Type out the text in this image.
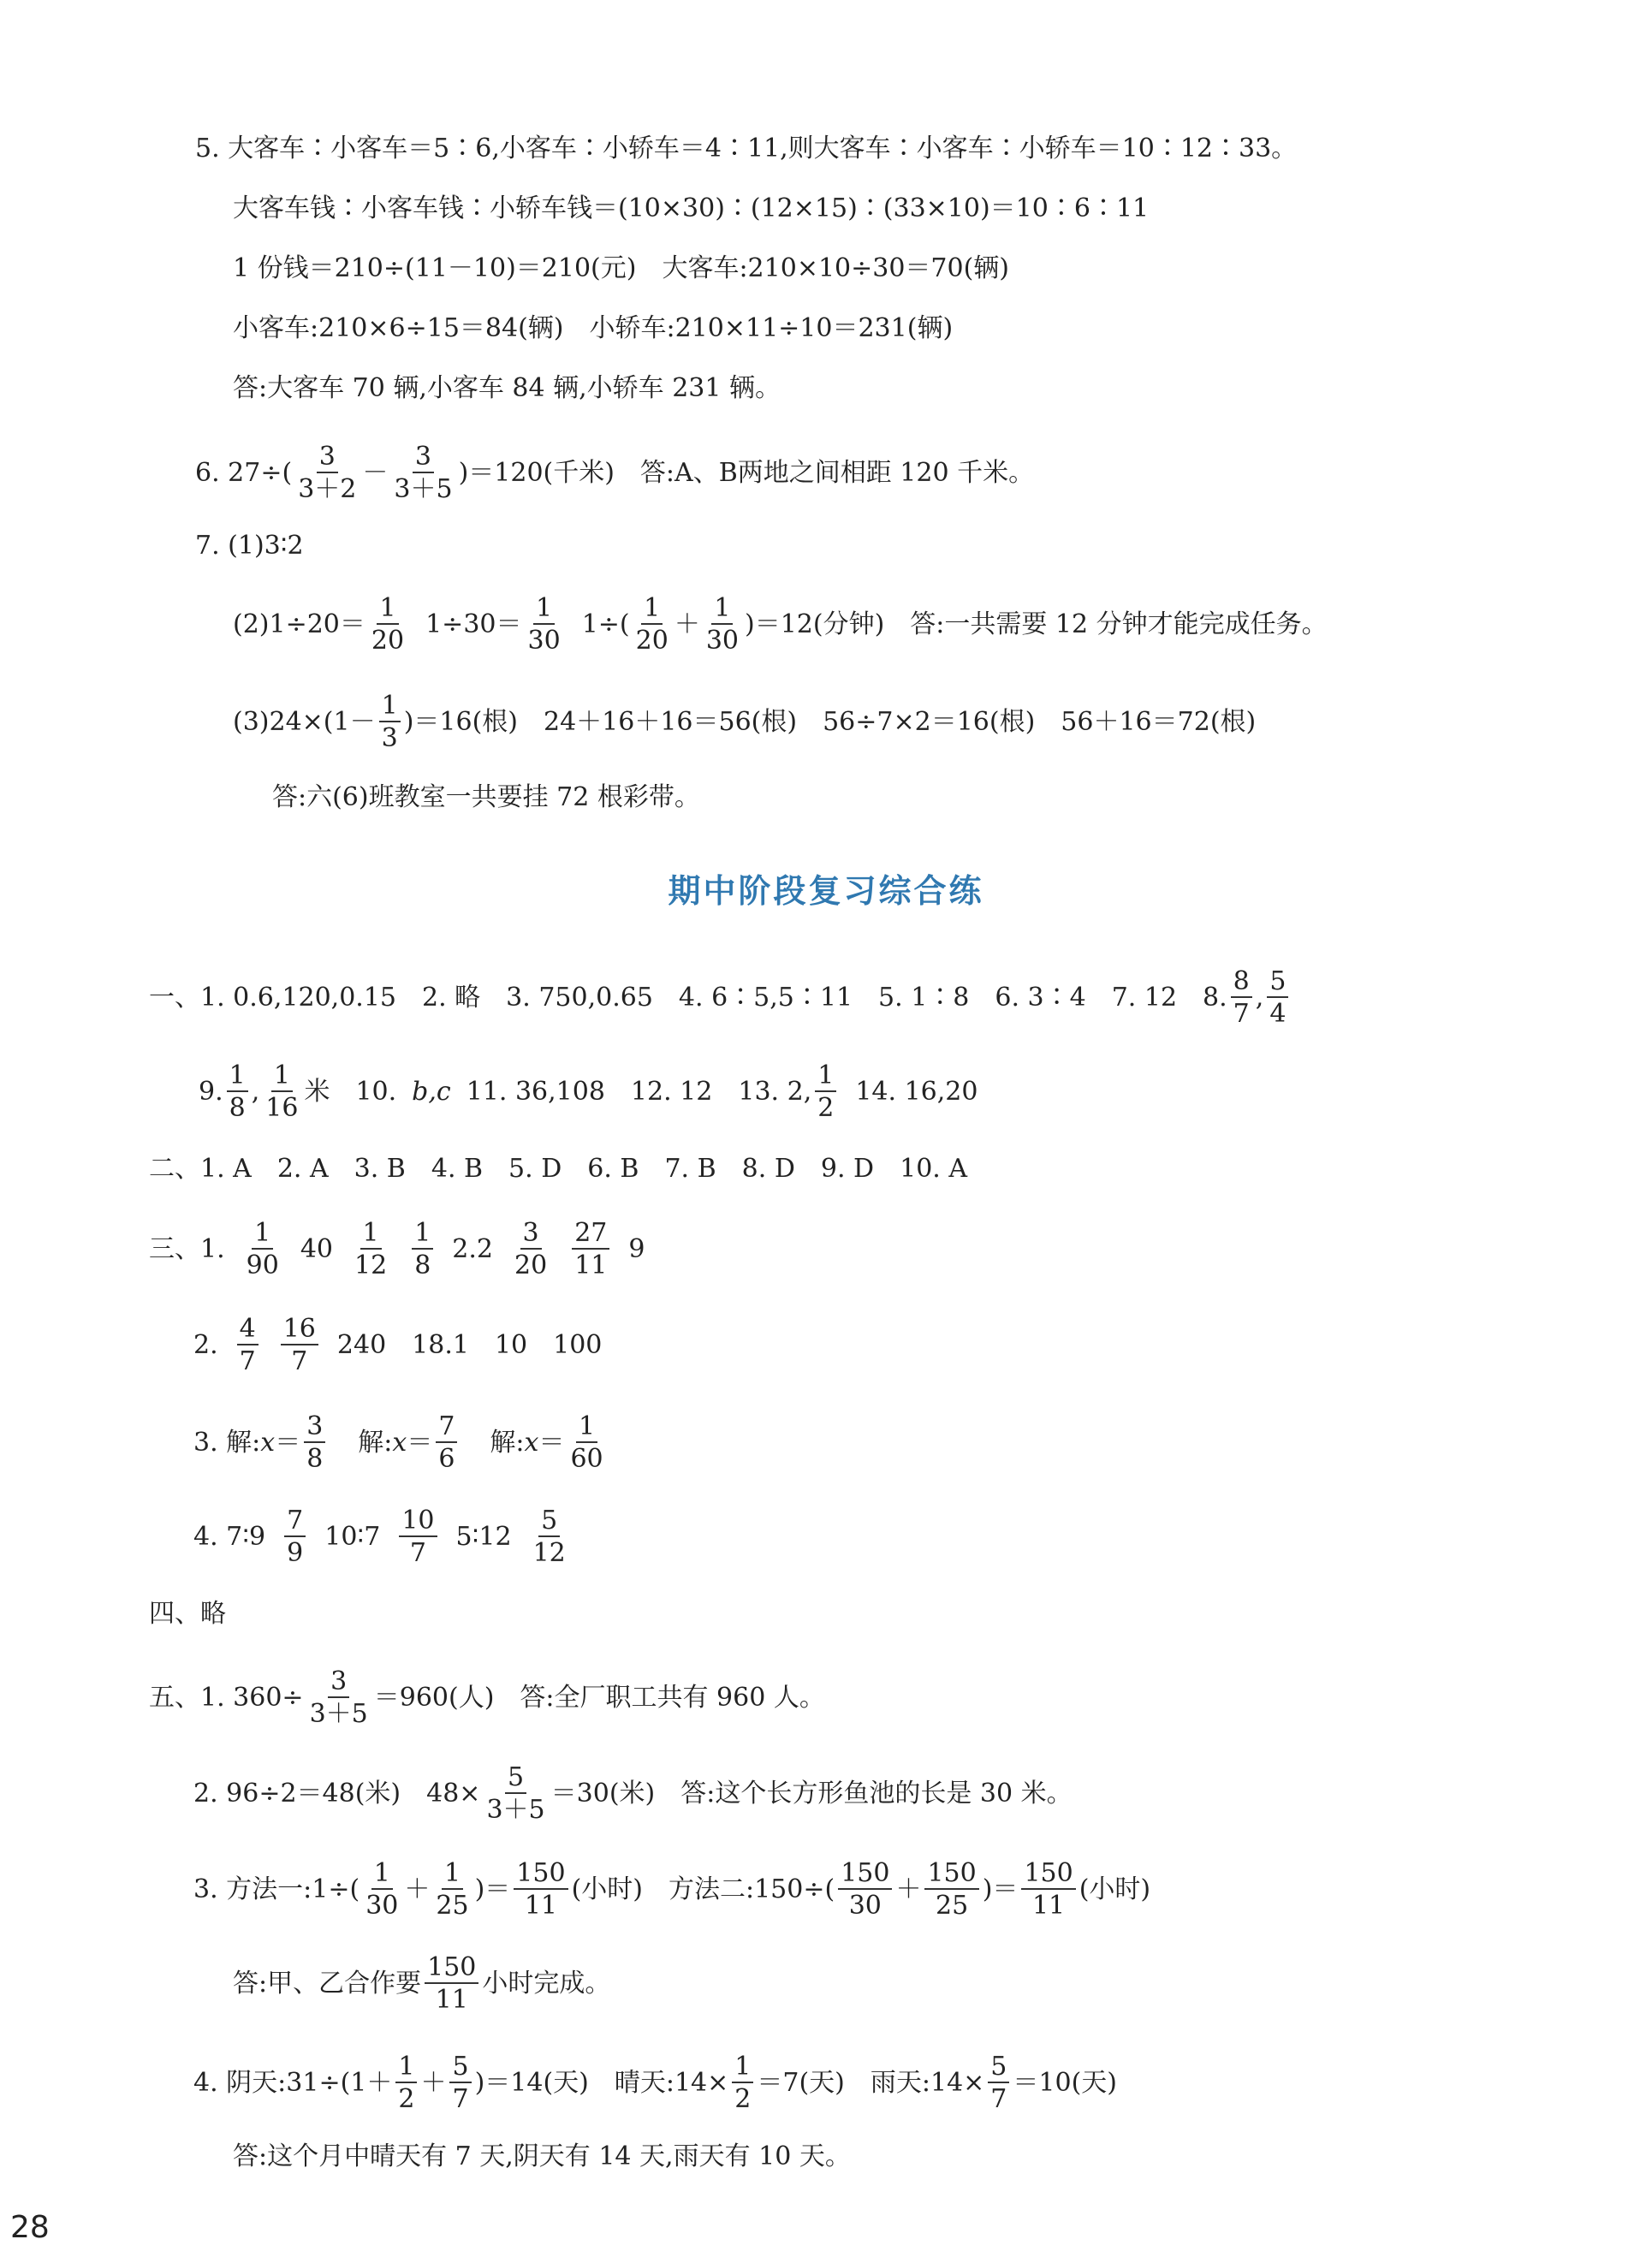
5. 大客车∶小客车＝5∶6,小客车∶小轿车＝4∶11,则大客车∶小客车∶小轿车＝10∶12∶33。
大客车钱∶小客车钱∶小轿车钱＝(10×30)∶(12×15)∶(33×10)＝10∶6∶11
1 份钱＝210÷(11－10)＝210(元)　大客车:210×10÷30＝70(辆)
小客车:210×6÷15＝84(辆)　小轿车:210×11÷10＝231(辆)
答:大客车 70 辆,小客车 84 辆,小轿车 231 辆。
6. $27\div( \frac{3}{3+2} - \frac{3}{3+5} )=120$(千米)　答:A、B两地之间相距 120 千米。
7. (1)3∶2
$(2)1\div 20= \frac{1}{20} 1\div 30= \frac{1}{30} 1\div( \frac{1}{20} + \frac{1}{30} )=12$(分钟)　答:一共需要 12 分钟才能完成任务。
$(3)24\times(1- \frac{1}{3} )=16$(根)　24＋16＋16＝56(根)　56÷7×2＝16(根)　56＋16＝72(根)
答:六(6)班教室一共要挂 72 根彩带。
期中阶段复习综合练
一、1. 0.6,120,0.15　2. 略　3. 750,0.65　4. 6∶5,5∶11　5. 1∶8　6. 3∶4　7. 12　8. $\frac{8}{7}$ , $\frac{5}{4}$
9. $\frac{1}{8}$ , $\frac{1}{16}$ 米　10. b,c 11. 36,108　12. 12　13. 2, $\frac{1}{2} 14$. 16,20
二、1. A　2. A　3. B　4. B　5. D　6. B　7. B　8. D　9. D　10. A
三、1. $\frac{1}{90} 40 \frac{1}{12} \frac{1}{8} 2.2 \frac{3}{20} \frac{27}{11} 9$
2. $\frac{4}{7} \frac{16}{7} 240$　18.1　10　100
3. 解: $x = \frac{3}{8}$ 解: $x = \frac{7}{6}$ 解: $x = \frac{1}{60}$
4. 7∶9 $\frac{7}{9}$ 10∶7 $\frac{10}{7}$ 5∶12 $\frac{5}{12}$
四、略
五、1. $360\div \frac{3}{3+5} =960$(人)　答:全厂职工共有 960 人。
2. 96÷2＝48(米)　$48\times \frac{5}{3+5} =30$(米)　答:这个长方形鱼池的长是 30 米。
3. 方法一:1÷( $\frac{1}{30} + \frac{1}{25}$ )＝ $\frac{150}{11}$ (小时)　方法二:150÷( $\frac{150}{30} + \frac{150}{25}$ )＝ $\frac{150}{11}$ (小时)
答:甲、乙合作要 $\frac{150}{11}$ 小时完成。
4. 阴天:31÷(1＋ $\frac{1}{2} + \frac{5}{7} )=14$(天)　晴天:14× $\frac{1}{2} =7$(天)　雨天:14× $\frac{5}{7} =10$(天)
答:这个月中晴天有 7 天,阴天有 14 天,雨天有 10 天。
28
